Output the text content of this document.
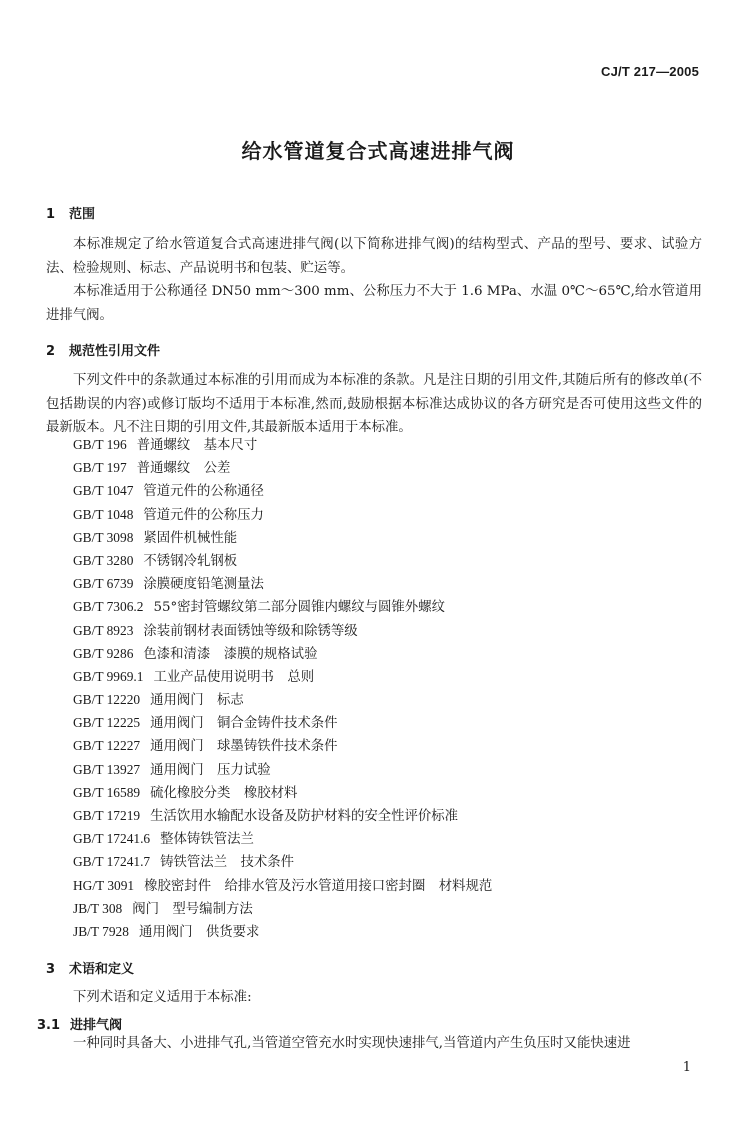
CJ/T 217—2005
给水管道复合式高速进排气阀
1 范围
本标准规定了给水管道复合式高速进排气阀(以下简称进排气阀)的结构型式、产品的型号、要求、试验方法、检验规则、标志、产品说明书和包装、贮运等。
本标准适用于公称通径 DN50 mm～300 mm、公称压力不大于 1.6 MPa、水温 0℃～65℃,给水管道用进排气阀。
2 规范性引用文件
下列文件中的条款通过本标准的引用而成为本标准的条款。凡是注日期的引用文件,其随后所有的修改单(不包括勘误的内容)或修订版均不适用于本标准,然而,鼓励根据本标准达成协议的各方研究是否可使用这些文件的最新版本。凡不注日期的引用文件,其最新版本适用于本标准。
GB/T 196 普通螺纹　基本尺寸
GB/T 197 普通螺纹　公差
GB/T 1047 管道元件的公称通径
GB/T 1048 管道元件的公称压力
GB/T 3098 紧固件机械性能
GB/T 3280 不锈钢冷轧钢板
GB/T 6739 涂膜硬度铅笔测量法
GB/T 7306.2 55°密封管螺纹第二部分圆锥内螺纹与圆锥外螺纹
GB/T 8923 涂装前钢材表面锈蚀等级和除锈等级
GB/T 9286 色漆和清漆　漆膜的规格试验
GB/T 9969.1 工业产品使用说明书　总则
GB/T 12220 通用阀门　标志
GB/T 12225 通用阀门　铜合金铸件技术条件
GB/T 12227 通用阀门　球墨铸铁件技术条件
GB/T 13927 通用阀门　压力试验
GB/T 16589 硫化橡胶分类　橡胶材料
GB/T 17219 生活饮用水输配水设备及防护材料的安全性评价标准
GB/T 17241.6 整体铸铁管法兰
GB/T 17241.7 铸铁管法兰　技术条件
HG/T 3091 橡胶密封件　给排水管及污水管道用接口密封圈　材料规范
JB/T 308 阀门　型号编制方法
JB/T 7928 通用阀门　供货要求
3 术语和定义
下列术语和定义适用于本标准:
3.1 进排气阀
一种同时具备大、小进排气孔,当管道空管充水时实现快速排气,当管道内产生负压时又能快速进
1
